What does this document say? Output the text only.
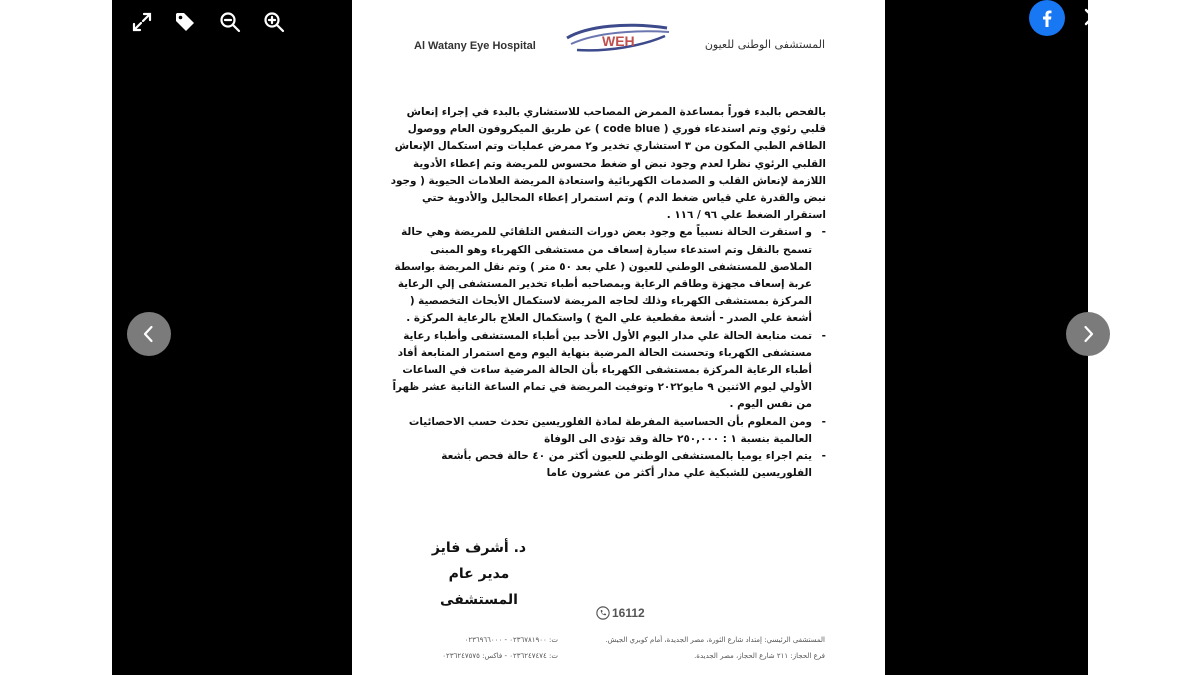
Al Watany Eye Hospital	WEH	المستشفى الوطنى للعيون

بالفحص بالبدء فوراً بمساعدة الممرض المصاحب للاستشاري بالبدء في إجراء إنعاش قلبي رئوي وتم استدعاء فوري ( code blue ) عن طريق الميكروفون العام ووصول الطاقم الطبي المكون من ٣ استشاري تخدير و٢ ممرض عمليات وتم استكمال الإنعاش القلبي الرئوي نظرا لعدم وجود نبض او ضغط محسوس للمريضة وتم إعطاء الأدوية اللازمة لإنعاش القلب و الصدمات الكهربائية واستعادة المريضة العلامات الحيوية ( وجود نبض والقدرة علي قياس ضغط الدم ) وتم استمرار إعطاء المحاليل والأدوية حتي استقرار الضغط علي ٩٦ / ١١٦ .

- و استقرت الحالة نسبياً مع وجود بعض دورات التنفس التلقائي للمريضة وهي حالة تسمح بالنقل وتم استدعاء سيارة إسعاف من مستشفى الكهرباء وهو المبنى الملاصق للمستشفى الوطني للعيون ( علي بعد ٥٠ متر ) وتم نقل المريضة بواسطة عربة إسعاف مجهزة وطاقم الرعاية وبمصاحبه أطباء تخدير المستشفى إلي الرعاية المركزة بمستشفى الكهرباء وذلك لحاجه المريضة لاستكمال الأبحاث التخصصية ( أشعة علي الصدر - أشعة مقطعية علي المخ ) واستكمال العلاج بالرعاية المركزة .
- تمت متابعة الحالة علي مدار اليوم الأول الأحد بين أطباء المستشفى وأطباء رعاية مستشفى الكهرباء وتحسنت الحالة المرضية بنهاية اليوم ومع استمرار المتابعة أفاد أطباء الرعاية المركزة بمستشفى الكهرباء بأن الحالة المرضية ساءت في الساعات الأولي ليوم الاثنين ٩ مايو٢٠٢٢ وتوفيت المريضة في تمام الساعة الثانية عشر ظهراً من نفس اليوم .
- ومن المعلوم بأن الحساسية المفرطة لمادة الفلوريسين تحدث حسب الاحصائيات العالمية بنسبة ١ : ٢٥٠,٠٠٠ حالة وقد تؤدى الى الوفاة
- يتم اجراء يوميا بالمستشفى الوطني للعيون أكثر من ٤٠ حالة فحص بأشعة الفلوريسين للشبكية علي مدار أكثر من عشرون عاما
د. أشرف فايز
مدير عام المستشفى
16112
ت: ٠٢٣٦٧٨١٩٠٠ - ٠٢٣٦٩٦٦٠٠٠
ت: ٠٢٣٦٢٤٧٤٧٤ - فاكس: ٠٢٣٦٢٤٧٥٧٥
المستشفى الرئيسي: إمتداد شارع الثورة، مصر الجديدة، أمام كوبري الجيش.
فرع الحجاز: ٢١١ شارع الحجاز، مصر الجديدة.
